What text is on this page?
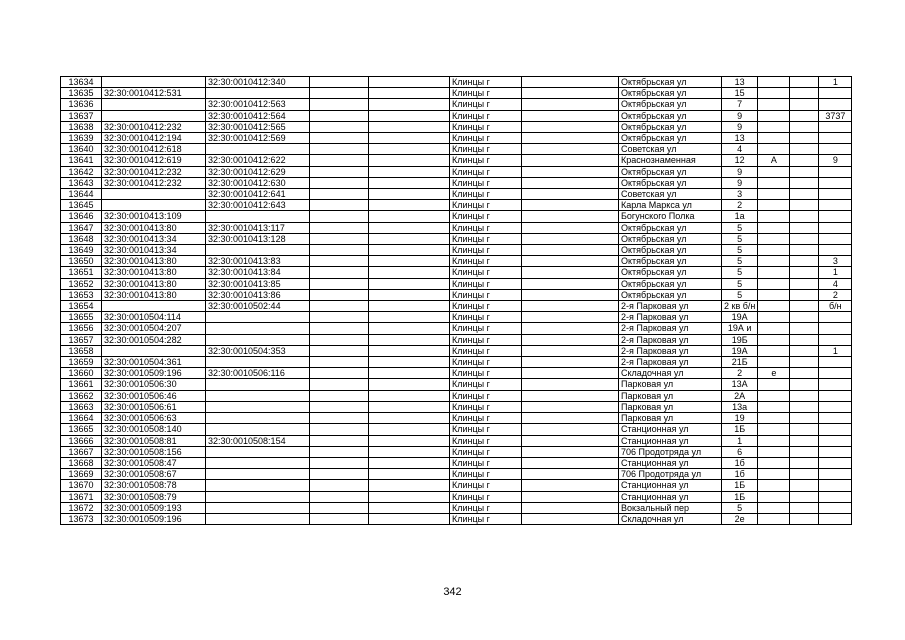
13634		32:30:0010412:340			Клинцы г		Октябрьская ул	13			1
13635	32:30:0010412:531				Клинцы г		Октябрьская ул	15			
13636		32:30:0010412:563			Клинцы г		Октябрьская ул	7			
13637		32:30:0010412:564			Клинцы г		Октябрьская ул	9			3737
13638	32:30:0010412:232	32:30:0010412:565			Клинцы г		Октябрьская ул	9			
13639	32:30:0010412:194	32:30:0010412:569			Клинцы г		Октябрьская ул	13			
13640	32:30:0010412:618				Клинцы г		Советская ул	4			
13641	32:30:0010412:619	32:30:0010412:622			Клинцы г		Краснознаменная	12	А		9
13642	32:30:0010412:232	32:30:0010412:629			Клинцы г		Октябрьская ул	9			
13643	32:30:0010412:232	32:30:0010412:630			Клинцы г		Октябрьская ул	9			
13644		32:30:0010412:641			Клинцы г		Советская ул	3			
13645		32:30:0010412:643			Клинцы г		Карла Маркса ул	2			
13646	32:30:0010413:109				Клинцы г		Богунского Полка	1а			
13647	32:30:0010413:80	32:30:0010413:117			Клинцы г		Октябрьская ул	5			
13648	32:30:0010413:34	32:30:0010413:128			Клинцы г		Октябрьская ул	5			
13649	32:30:0010413:34				Клинцы г		Октябрьская ул	5			
13650	32:30:0010413:80	32:30:0010413:83			Клинцы г		Октябрьская ул	5			3
13651	32:30:0010413:80	32:30:0010413:84			Клинцы г		Октябрьская ул	5			1
13652	32:30:0010413:80	32:30:0010413:85			Клинцы г		Октябрьская ул	5			4
13653	32:30:0010413:80	32:30:0010413:86			Клинцы г		Октябрьская ул	5			2
13654		32:30:0010502:44			Клинцы г		2-я Парковая ул	2 кв б/н			б/н
13655	32:30:0010504:114				Клинцы г		2-я Парковая ул	19А			
13656	32:30:0010504:207				Клинцы г		2-я Парковая ул	19А и			
13657	32:30:0010504:282				Клинцы г		2-я Парковая ул	19Б			
13658		32:30:0010504:353			Клинцы г		2-я Парковая ул	19А			1
13659	32:30:0010504:361				Клинцы г		2-я Парковая ул	21Б			
13660	32:30:0010509:196	32:30:0010506:116			Клинцы г		Складочная ул	2	е		
13661	32:30:0010506:30				Клинцы г		Парковая ул	13А			
13662	32:30:0010506:46				Клинцы г		Парковая ул	2А			
13663	32:30:0010506:61				Клинцы г		Парковая ул	13а			
13664	32:30:0010506:63				Клинцы г		Парковая ул	19			
13665	32:30:0010508:140				Клинцы г		Станционная ул	1Б			
13666	32:30:0010508:81	32:30:0010508:154			Клинцы г		Станционная ул	1			
13667	32:30:0010508:156				Клинцы г		706 Продотряда ул	6			
13668	32:30:0010508:47				Клинцы г		Станционная ул	1б			
13669	32:30:0010508:67				Клинцы г		706 Продотряда ул	1б			
13670	32:30:0010508:78				Клинцы г		Станционная ул	1Б			
13671	32:30:0010508:79				Клинцы г		Станционная ул	1Б			
13672	32:30:0010509:193				Клинцы г		Вокзальный пер	5			
13673	32:30:0010509:196				Клинцы г		Складочная ул	2е			
342
